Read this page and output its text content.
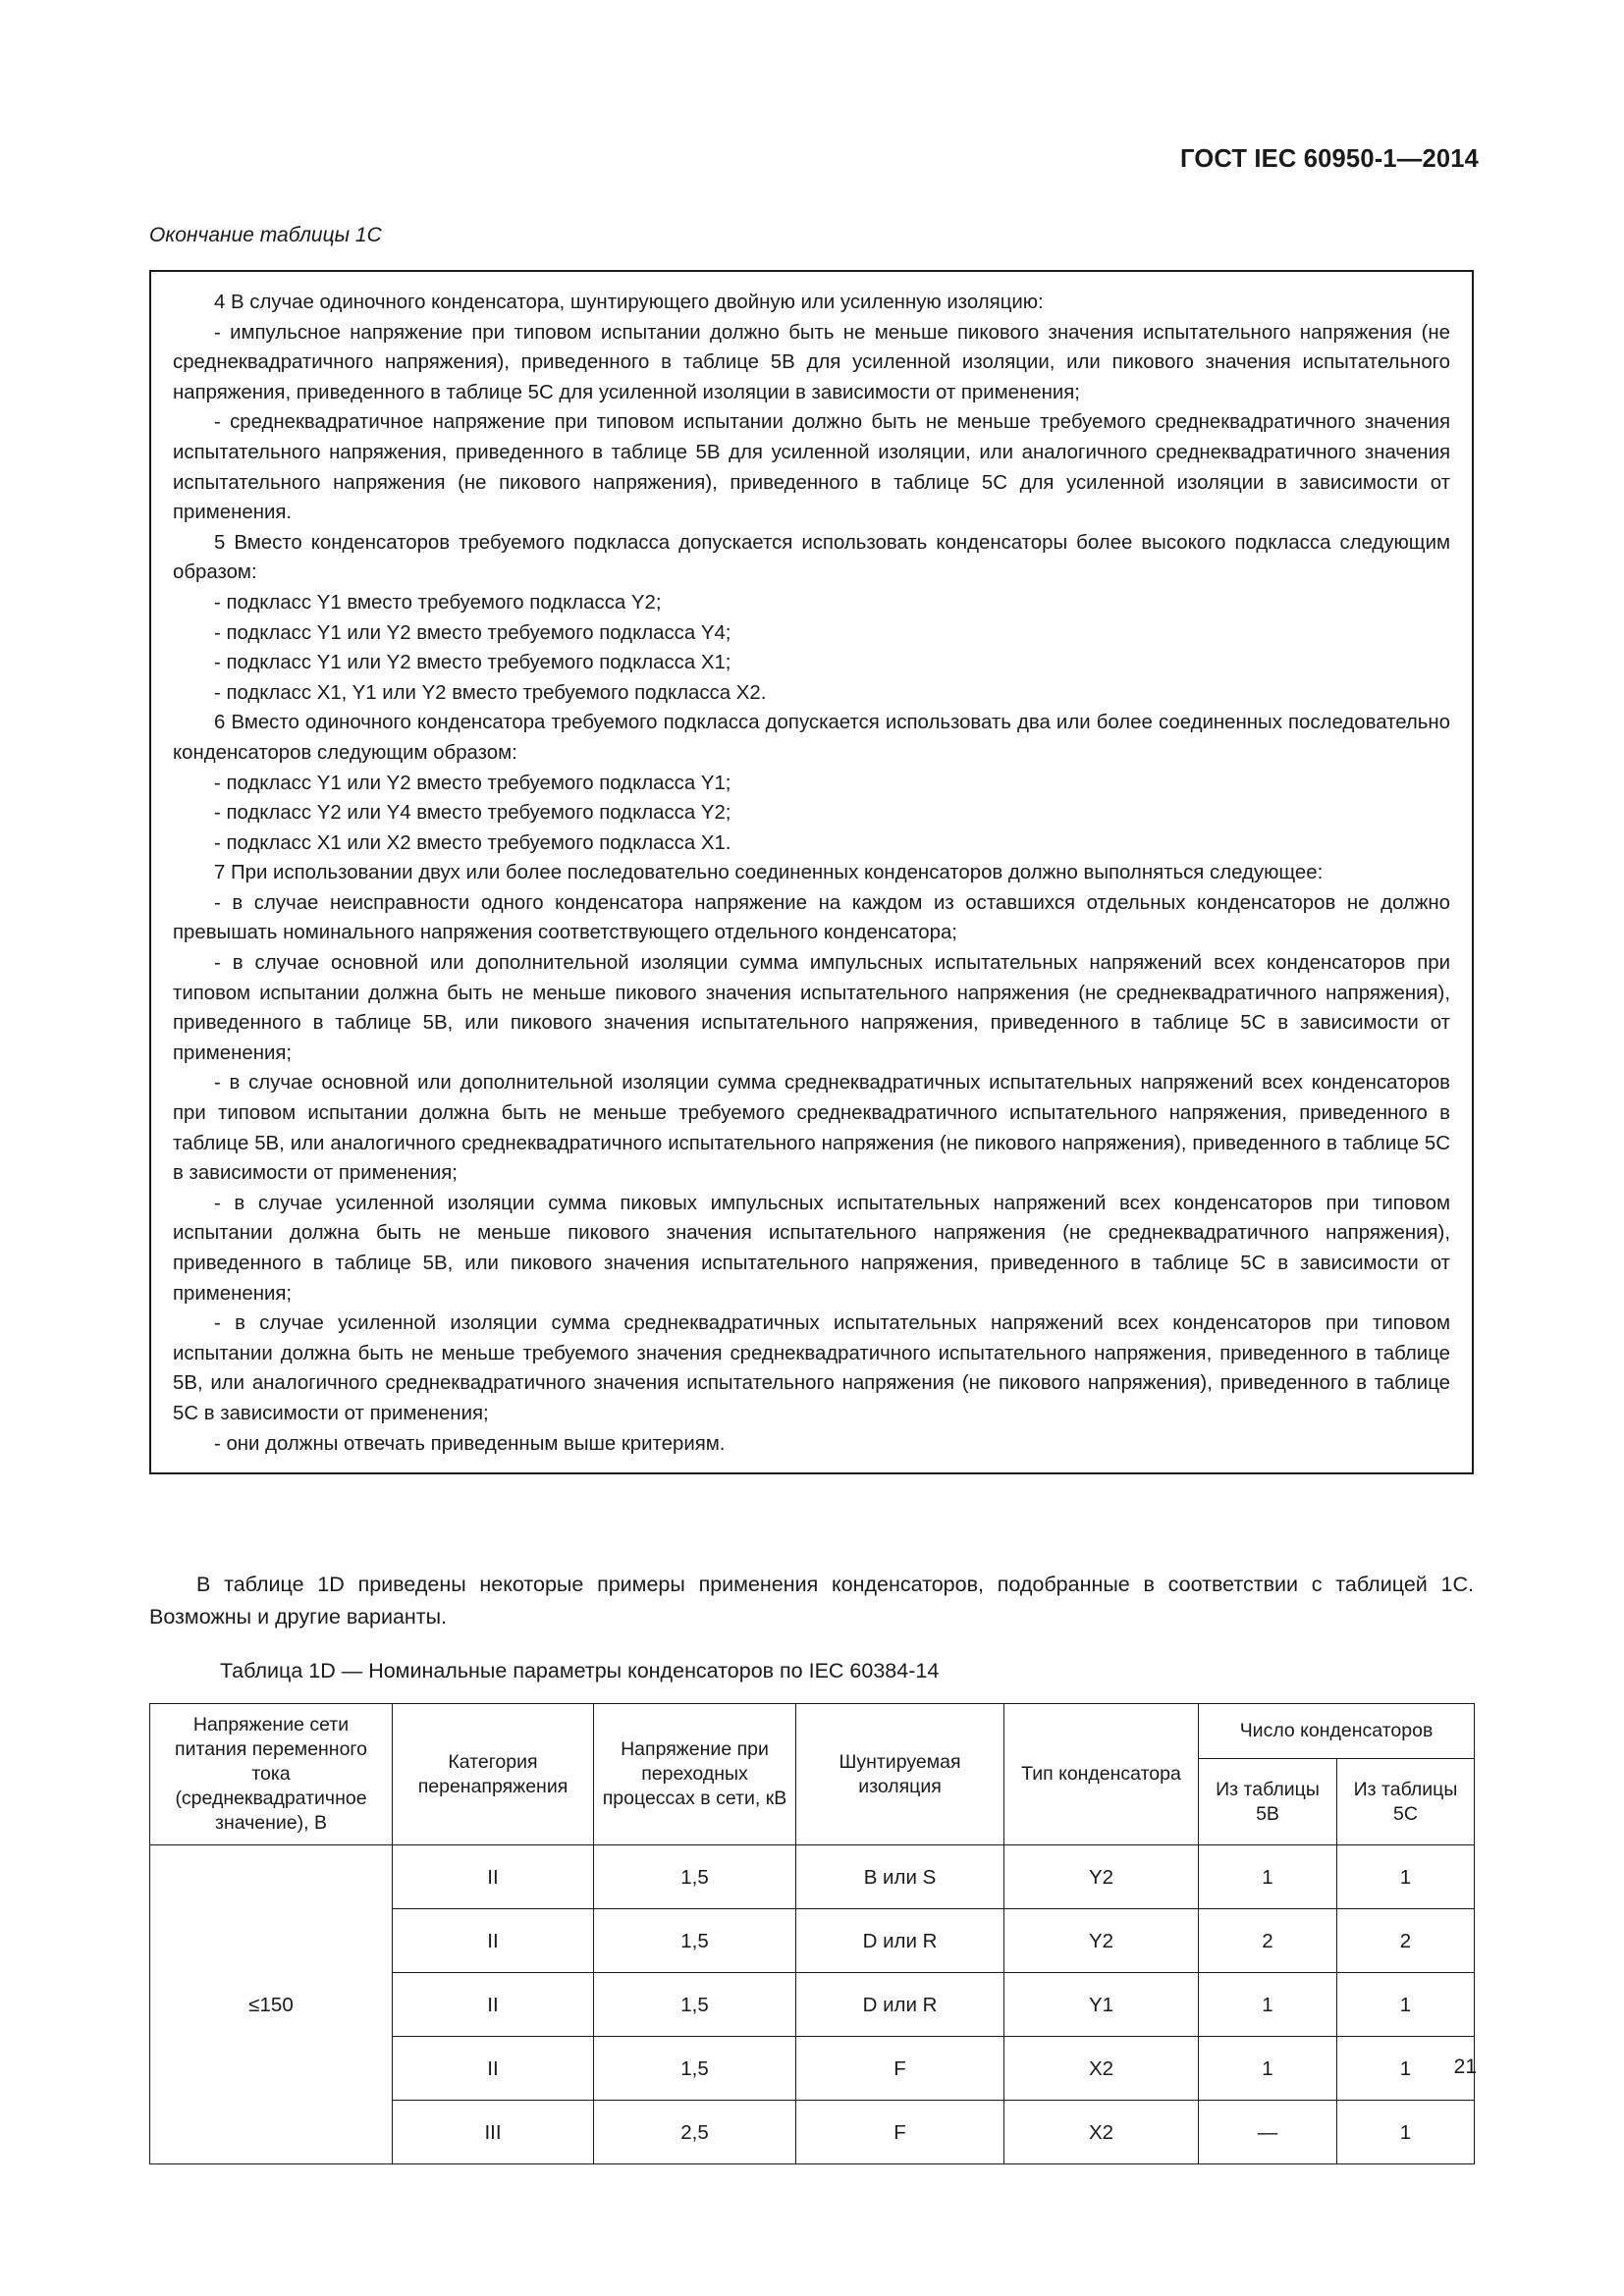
ГОСТ IEC 60950-1—2014
Окончание таблицы 1С

4 В случае одиночного конденсатора, шунтирующего двойную или усиленную изоляцию:

- импульсное напряжение при типовом испытании должно быть не меньше пикового значения испытательного напряжения (не среднеквадратичного напряжения), приведенного в таблице 5В для усиленной изоляции, или пикового значения испытательного напряжения, приведенного в таблице 5С для усиленной изоляции в зависимости от применения;

- среднеквадратичное напряжение при типовом испытании должно быть не меньше требуемого среднеквадратичного значения испытательного напряжения, приведенного в таблице 5В для усиленной изоляции, или аналогичного среднеквадратичного значения испытательного напряжения (не пикового напряжения), приведенного в таблице 5С для усиленной изоляции в зависимости от применения.

5 Вместо конденсаторов требуемого подкласса допускается использовать конденсаторы более высокого подкласса следующим образом:

- подкласс Y1 вместо требуемого подкласса Y2;

- подкласс Y1 или Y2 вместо требуемого подкласса Y4;

- подкласс Y1 или Y2 вместо требуемого подкласса X1;

- подкласс X1, Y1 или Y2 вместо требуемого подкласса X2.

6 Вместо одиночного конденсатора требуемого подкласса допускается использовать два или более соединенных последовательно конденсаторов следующим образом:

- подкласс Y1 или Y2 вместо требуемого подкласса Y1;

- подкласс Y2 или Y4 вместо требуемого подкласса Y2;

- подкласс X1 или X2 вместо требуемого подкласса X1.

7 При использовании двух или более последовательно соединенных конденсаторов должно выполняться следующее:

- в случае неисправности одного конденсатора напряжение на каждом из оставшихся отдельных конденсаторов не должно превышать номинального напряжения соответствующего отдельного конденсатора;

- в случае основной или дополнительной изоляции сумма импульсных испытательных напряжений всех конденсаторов при типовом испытании должна быть не меньше пикового значения испытательного напряжения (не среднеквадратичного напряжения), приведенного в таблице 5В, или пикового значения испытательного напряжения, приведенного в таблице 5С в зависимости от применения;

- в случае основной или дополнительной изоляции сумма среднеквадратичных испытательных напряжений всех конденсаторов при типовом испытании должна быть не меньше требуемого среднеквадратичного испытательного напряжения, приведенного в таблице 5В, или аналогичного среднеквадратичного испытательного напряжения (не пикового напряжения), приведенного в таблице 5С в зависимости от применения;

- в случае усиленной изоляции сумма пиковых импульсных испытательных напряжений всех конденсаторов при типовом испытании должна быть не меньше пикового значения испытательного напряжения (не среднеквадратичного напряжения), приведенного в таблице 5В, или пикового значения испытательного напряжения, приведенного в таблице 5С в зависимости от применения;

- в случае усиленной изоляции сумма среднеквадратичных испытательных напряжений всех конденсаторов при типовом испытании должна быть не меньше требуемого значения среднеквадратичного испытательного напряжения, приведенного в таблице 5В, или аналогичного среднеквадратичного значения испытательного напряжения (не пикового напряжения), приведенного в таблице 5С в зависимости от применения;

- они должны отвечать приведенным выше критериям.

В таблице 1D приведены некоторые примеры применения конденсаторов, подобранные в соответствии с таблицей 1С. Возможны и другие варианты.
Таблица 1D — Номинальные параметры конденсаторов по IEC 60384-14
Напряжение сети питания переменного тока (среднеквадратичное значение), В	Категория перенапряжения	Напряжение при переходных процессах в сети, кВ	Шунтируемая изоляция	Тип конденсатора	Число конденсаторов	
					Из таблицы 5В	Из таблицы 5С
≤150	II	1,5	В или S	Y2	1	1
	II	1,5	D или R	Y2	2	2
	II	1,5	D или R	Y1	1	1
	II	1,5	F	X2	1	1
	III	2,5	F	X2	—	1
21
